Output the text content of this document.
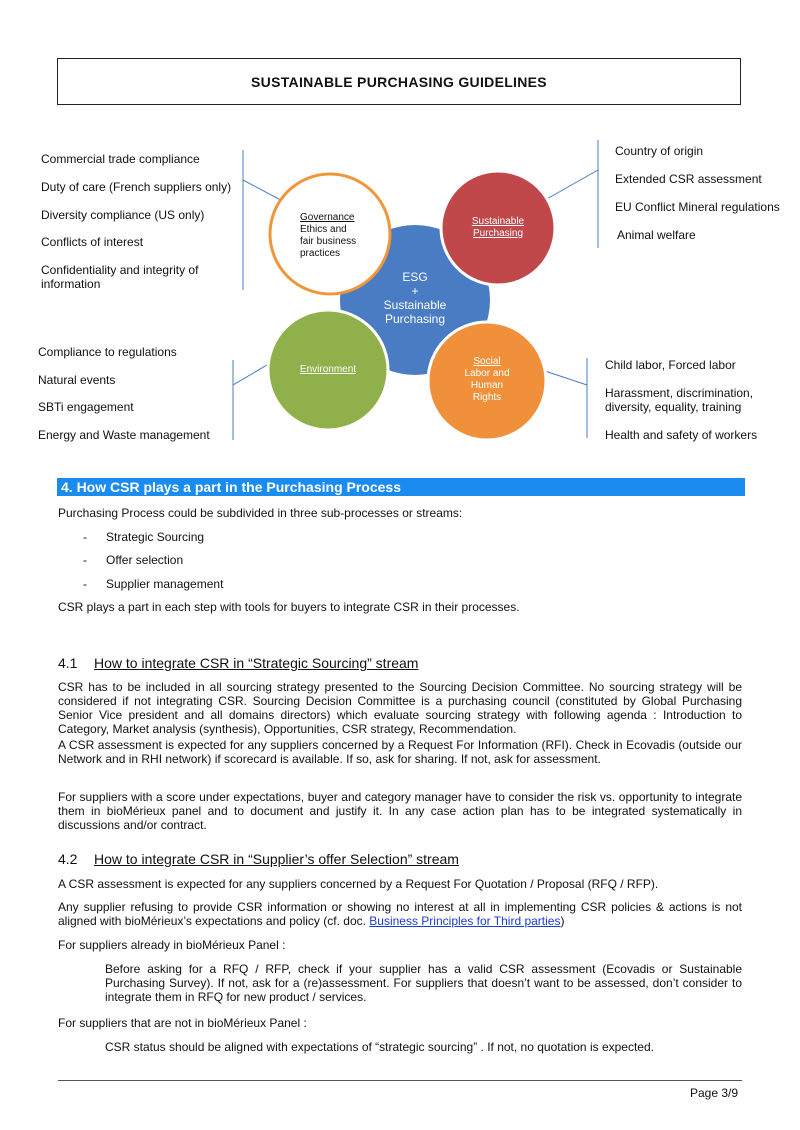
SUSTAINABLE PURCHASING GUIDELINES
ESG
+
Sustainable
Purchasing
Governance
Ethics and
fair business
practices
Sustainable
Purchasing
Environment
Social
Labor and
Human
Rights
Commercial trade compliance
Duty of care (French suppliers only)
Diversity compliance (US only)
Conflicts of interest
Confidentiality and integrity of
information
Country of origin
Extended CSR assessment
EU Conflict Mineral regulations
Animal welfare
Compliance to regulations
Natural events
SBTi engagement
Energy and Waste management
Child labor, Forced labor
Harassment, discrimination,
diversity, equality, training
Health and safety of workers
4. How CSR plays a part in the Purchasing Process
Purchasing Process could be subdivided in three sub-processes or streams:
- Strategic Sourcing
- Offer selection
- Supplier management
CSR plays a part in each step with tools for buyers to integrate CSR in their processes.
4.1 How to integrate CSR in “Strategic Sourcing” stream
CSR has to be included in all sourcing strategy presented to the Sourcing Decision Committee. No sourcing strategy will be considered if not integrating CSR. Sourcing Decision Committee is a purchasing council (constituted by Global Purchasing Senior Vice president and all domains directors) which evaluate sourcing strategy with following agenda : Introduction to Category, Market analysis (synthesis), Opportunities, CSR strategy, Recommendation.
A CSR assessment is expected for any suppliers concerned by a Request For Information (RFI). Check in Ecovadis (outside our Network and in RHI network) if scorecard is available. If so, ask for sharing. If not, ask for assessment.
For suppliers with a score under expectations, buyer and category manager have to consider the risk vs. opportunity to integrate them in bioMérieux panel and to document and justify it. In any case action plan has to be integrated systematically in discussions and/or contract.
4.2 How to integrate CSR in “Supplier’s offer Selection” stream
A CSR assessment is expected for any suppliers concerned by a Request For Quotation / Proposal (RFQ / RFP).
Any supplier refusing to provide CSR information or showing no interest at all in implementing CSR policies & actions is not aligned with bioMérieux’s expectations and policy (cf. doc. Business Principles for Third parties)
For suppliers already in bioMérieux Panel :
Before asking for a RFQ / RFP, check if your supplier has a valid CSR assessment (Ecovadis or Sustainable Purchasing Survey). If not, ask for a (re)assessment. For suppliers that doesn’t want to be assessed, don’t consider to integrate them in RFQ for new product / services.
For suppliers that are not in bioMérieux Panel :
CSR status should be aligned with expectations of “strategic sourcing” . If not, no quotation is expected.
Page 3/9
